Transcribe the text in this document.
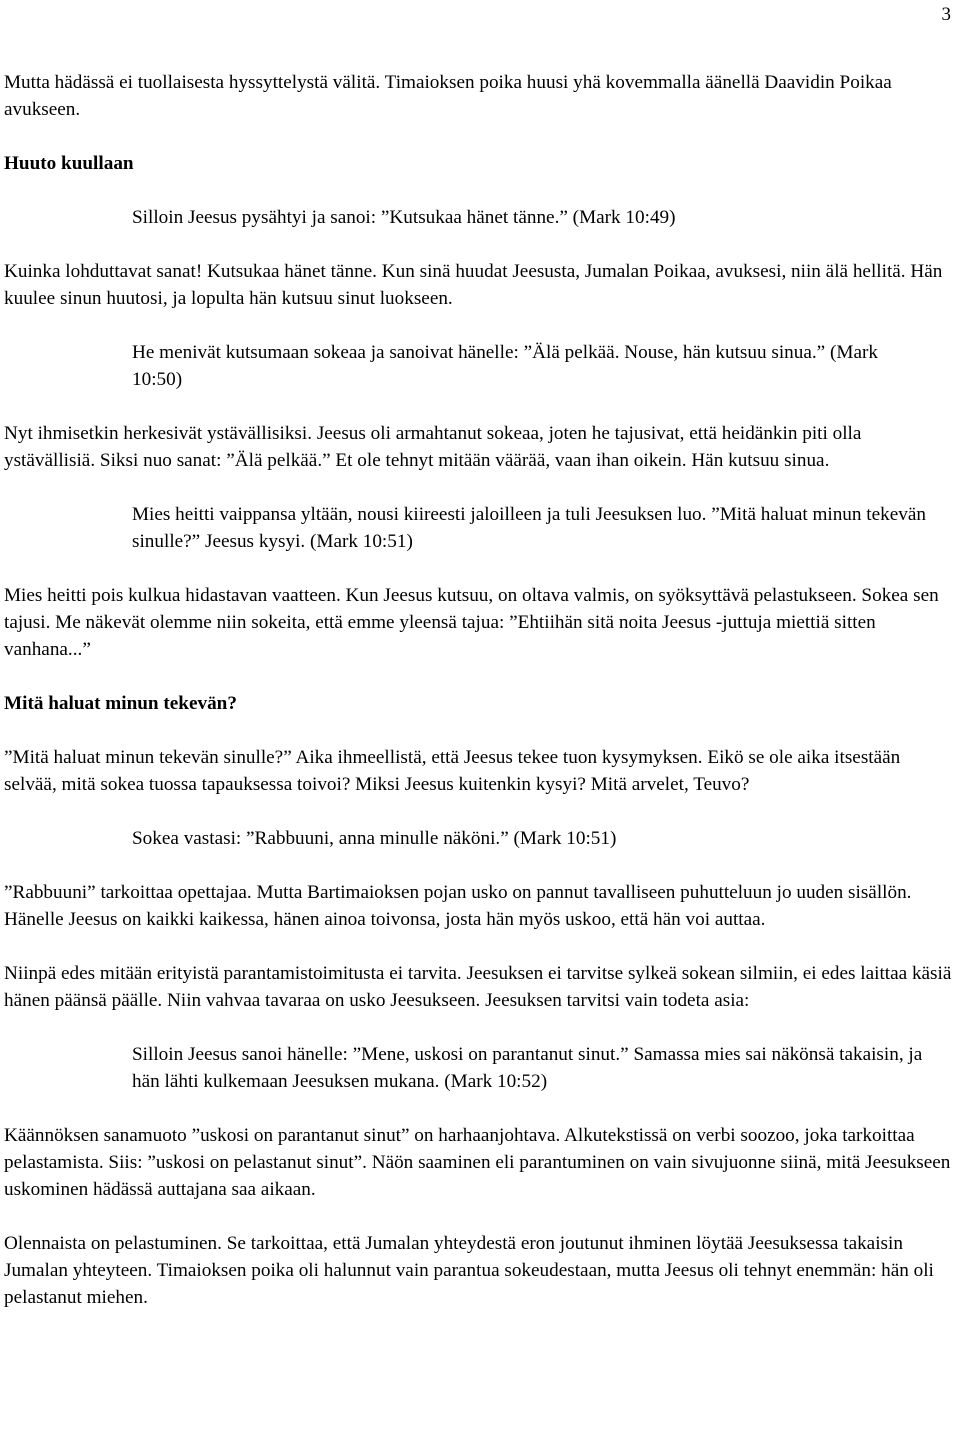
3

Mutta hädässä ei tuollaisesta hyssyttelystä välitä. Timaioksen poika huusi yhä kovemmalla äänellä Daavidin Poikaa avukseen.

Huuto kuullaan

Silloin Jeesus pysähtyi ja sanoi: ”Kutsukaa hänet tänne.” (Mark 10:49)

Kuinka lohduttavat sanat! Kutsukaa hänet tänne. Kun sinä huudat Jeesusta, Jumalan Poikaa, avuksesi, niin älä hellitä. Hän kuulee sinun huutosi, ja lopulta hän kutsuu sinut luokseen.

He menivät kutsumaan sokeaa ja sanoivat hänelle: ”Älä pelkää. Nouse, hän kutsuu sinua.” (Mark 10:50)

Nyt ihmisetkin herkesivät ystävällisiksi. Jeesus oli armahtanut sokeaa, joten he tajusivat, että heidänkin piti olla ystävällisiä. Siksi nuo sanat: ”Älä pelkää.” Et ole tehnyt mitään väärää, vaan ihan oikein. Hän kutsuu sinua.

Mies heitti vaippansa yltään, nousi kiireesti jaloilleen ja tuli Jeesuksen luo. ”Mitä haluat minun tekevän sinulle?” Jeesus kysyi. (Mark 10:51)

Mies heitti pois kulkua hidastavan vaatteen. Kun Jeesus kutsuu, on oltava valmis, on syöksyttävä pelastukseen. Sokea sen tajusi. Me näkevät olemme niin sokeita, että emme yleensä tajua: ”Ehtiihän sitä noita Jeesus -juttuja miettiä sitten vanhana...”

Mitä haluat minun tekevän?

”Mitä haluat minun tekevän sinulle?” Aika ihmeellistä, että Jeesus tekee tuon kysymyksen. Eikö se ole aika itsestään selvää, mitä sokea tuossa tapauksessa toivoi? Miksi Jeesus kuitenkin kysyi? Mitä arvelet, Teuvo?

Sokea vastasi: ”Rabbuuni, anna minulle näköni.” (Mark 10:51)

”Rabbuuni” tarkoittaa opettajaa. Mutta Bartimaioksen pojan usko on pannut tavalliseen puhutteluun jo uuden sisällön. Hänelle Jeesus on kaikki kaikessa, hänen ainoa toivonsa, josta hän myös uskoo, että hän voi auttaa.

Niinpä edes mitään erityistä parantamistoimitusta ei tarvita. Jeesuksen ei tarvitse sylkeä sokean silmiin, ei edes laittaa käsiä hänen päänsä päälle. Niin vahvaa tavaraa on usko Jeesukseen. Jeesuksen tarvitsi vain todeta asia:

Silloin Jeesus sanoi hänelle: ”Mene, uskosi on parantanut sinut.” Samassa mies sai näkönsä takaisin, ja hän lähti kulkemaan Jeesuksen mukana. (Mark 10:52)

Käännöksen sanamuoto ”uskosi on parantanut sinut” on harhaanjohtava. Alkutekstissä on verbi soozoo, joka tarkoittaa pelastamista. Siis: ”uskosi on pelastanut sinut”. Näön saaminen eli parantuminen on vain sivujuonne siinä, mitä Jeesukseen uskominen hädässä auttajana saa aikaan.

Olennaista on pelastuminen. Se tarkoittaa, että Jumalan yhteydestä eron joutunut ihminen löytää Jeesuksessa takaisin Jumalan yhteyteen. Timaioksen poika oli halunnut vain parantua sokeudestaan, mutta Jeesus oli tehnyt enemmän: hän oli pelastanut miehen.
